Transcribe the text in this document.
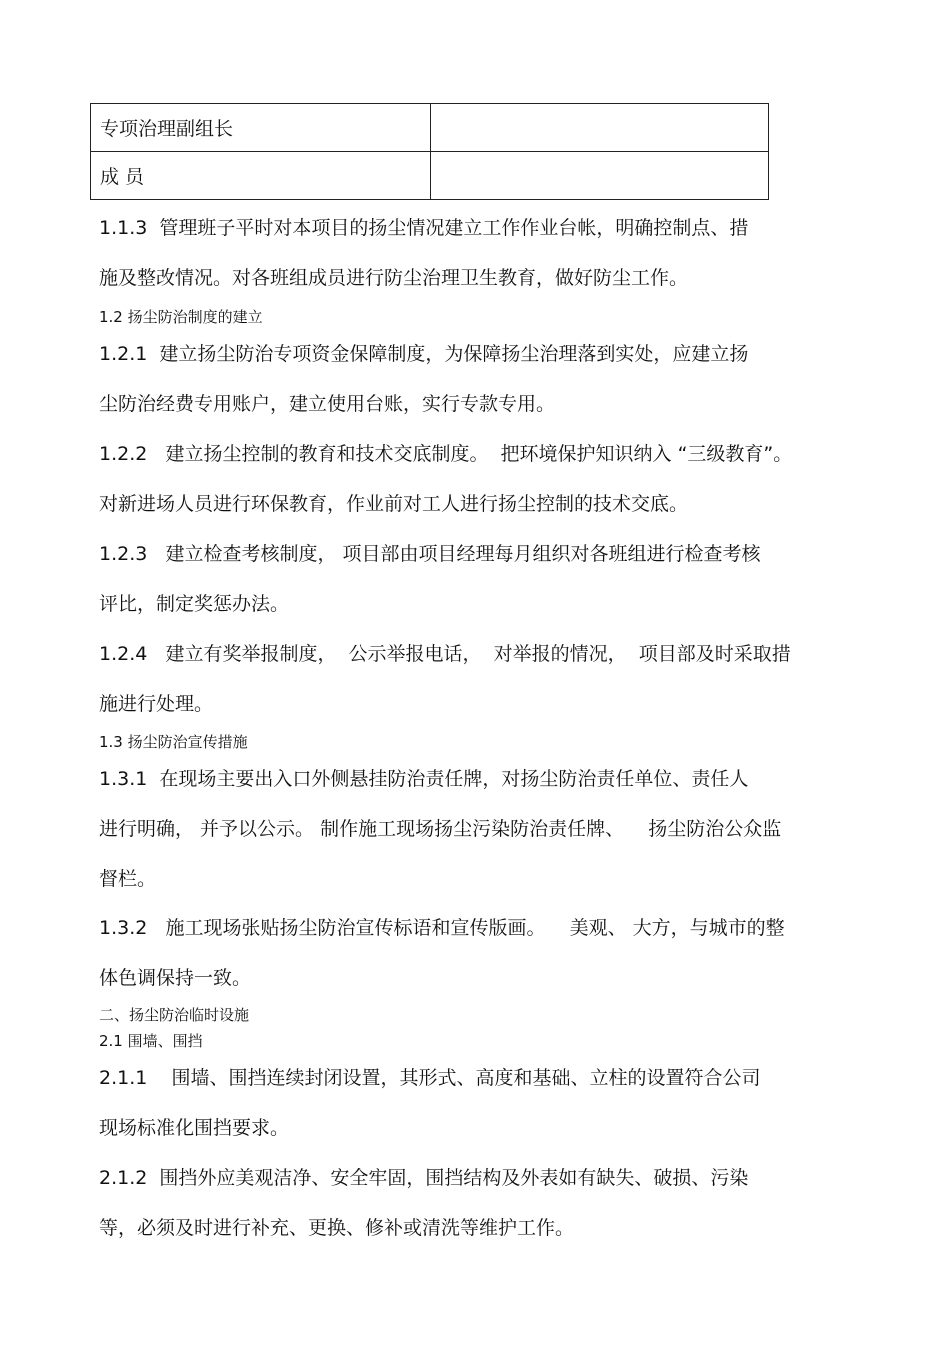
专项治理副组长	
成 员	

1.1.3  管理班子平时对本项目的扬尘情况建立工作作业台帐，明确控制点、措

施及整改情况。对各班组成员进行防尘治理卫生教育，做好防尘工作。

1.2 扬尘防治制度的建立

1.2.1  建立扬尘防治专项资金保障制度，为保障扬尘治理落到实处，应建立扬

尘防治经费专用账户，建立使用台账，实行专款专用。

1.2.2   建立扬尘控制的教育和技术交底制度。  把环境保护知识纳入 “三级教育”。

对新进场人员进行环保教育，作业前对工人进行扬尘控制的技术交底。

1.2.3   建立检查考核制度， 项目部由项目经理每月组织对各班组进行检查考核

评比，制定奖惩办法。

1.2.4   建立有奖举报制度，  公示举报电话，  对举报的情况，  项目部及时采取措

施进行处理。

1.3 扬尘防治宣传措施

1.3.1  在现场主要出入口外侧悬挂防治责任牌，对扬尘防治责任单位、责任人

进行明确， 并予以公示。 制作施工现场扬尘污染防治责任牌、    扬尘防治公众监

督栏。

1.3.2   施工现场张贴扬尘防治宣传标语和宣传版画。    美观、 大方，与城市的整

体色调保持一致。

二、扬尘防治临时设施

2.1 围墙、围挡

2.1.1    围墙、围挡连续封闭设置，其形式、高度和基础、立柱的设置符合公司

现场标准化围挡要求。

2.1.2  围挡外应美观洁净、安全牢固，围挡结构及外表如有缺失、破损、污染

等，必须及时进行补充、更换、修补或清洗等维护工作。
